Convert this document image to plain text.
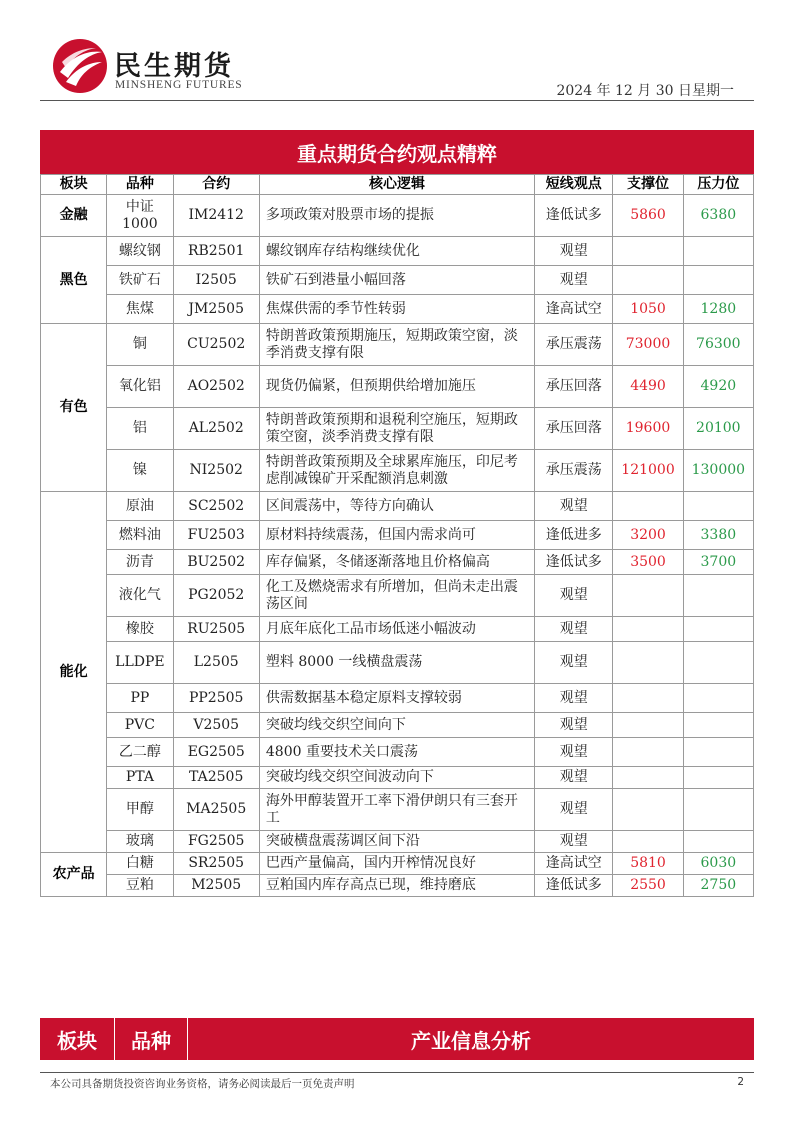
民生期货
MINSHENG FUTURES	2024 年 12 月 30 日星期一
重点期货合约观点精粹
板块	品种	合约	核心逻辑	短线观点	支撑位	压力位
金融	中证 1000	IM2412	多项政策对股票市场的提振	逢低试多	5860	6380
黑色	螺纹钢	RB2501	螺纹钢库存结构继续优化	观望		
	铁矿石	I2505	铁矿石到港量小幅回落	观望		
	焦煤	JM2505	焦煤供需的季节性转弱	逢高试空	1050	1280
有色	铜	CU2502	特朗普政策预期施压，短期政策空窗，淡季消费支撑有限	承压震荡	73000	76300
	氧化铝	AO2502	现货仍偏紧，但预期供给增加施压	承压回落	4490	4920
	铝	AL2502	特朗普政策预期和退税利空施压，短期政策空窗，淡季消费支撑有限	承压回落	19600	20100
	镍	NI2502	特朗普政策预期及全球累库施压，印尼考虑削减镍矿开采配额消息刺激	承压震荡	121000	130000
能化	原油	SC2502	区间震荡中，等待方向确认	观望		
	燃料油	FU2503	原材料持续震荡，但国内需求尚可	逢低进多	3200	3380
	沥青	BU2502	库存偏紧，冬储逐渐落地且价格偏高	逢低试多	3500	3700
	液化气	PG2052	化工及燃烧需求有所增加，但尚未走出震荡区间	观望		
	橡胶	RU2505	月底年底化工品市场低迷小幅波动	观望		
	LLDPE	L2505	塑料 8000 一线横盘震荡	观望		
	PP	PP2505	供需数据基本稳定原料支撑较弱	观望		
	PVC	V2505	突破均线交织空间向下	观望		
	乙二醇	EG2505	4800 重要技术关口震荡	观望		
	PTA	TA2505	突破均线交织空间波动向下	观望		
	甲醇	MA2505	海外甲醇装置开工率下滑伊朗只有三套开工	观望		
	玻璃	FG2505	突破横盘震荡调区间下沿	观望		
农产品	白糖	SR2505	巴西产量偏高，国内开榨情况良好	逢高试空	5810	6030
	豆粕	M2505	豆粕国内库存高点已现，维持磨底	逢低试多	2550	2750
板块	品种	产业信息分析
本公司具备期货投资咨询业务资格，请务必阅读最后一页免责声明	2
